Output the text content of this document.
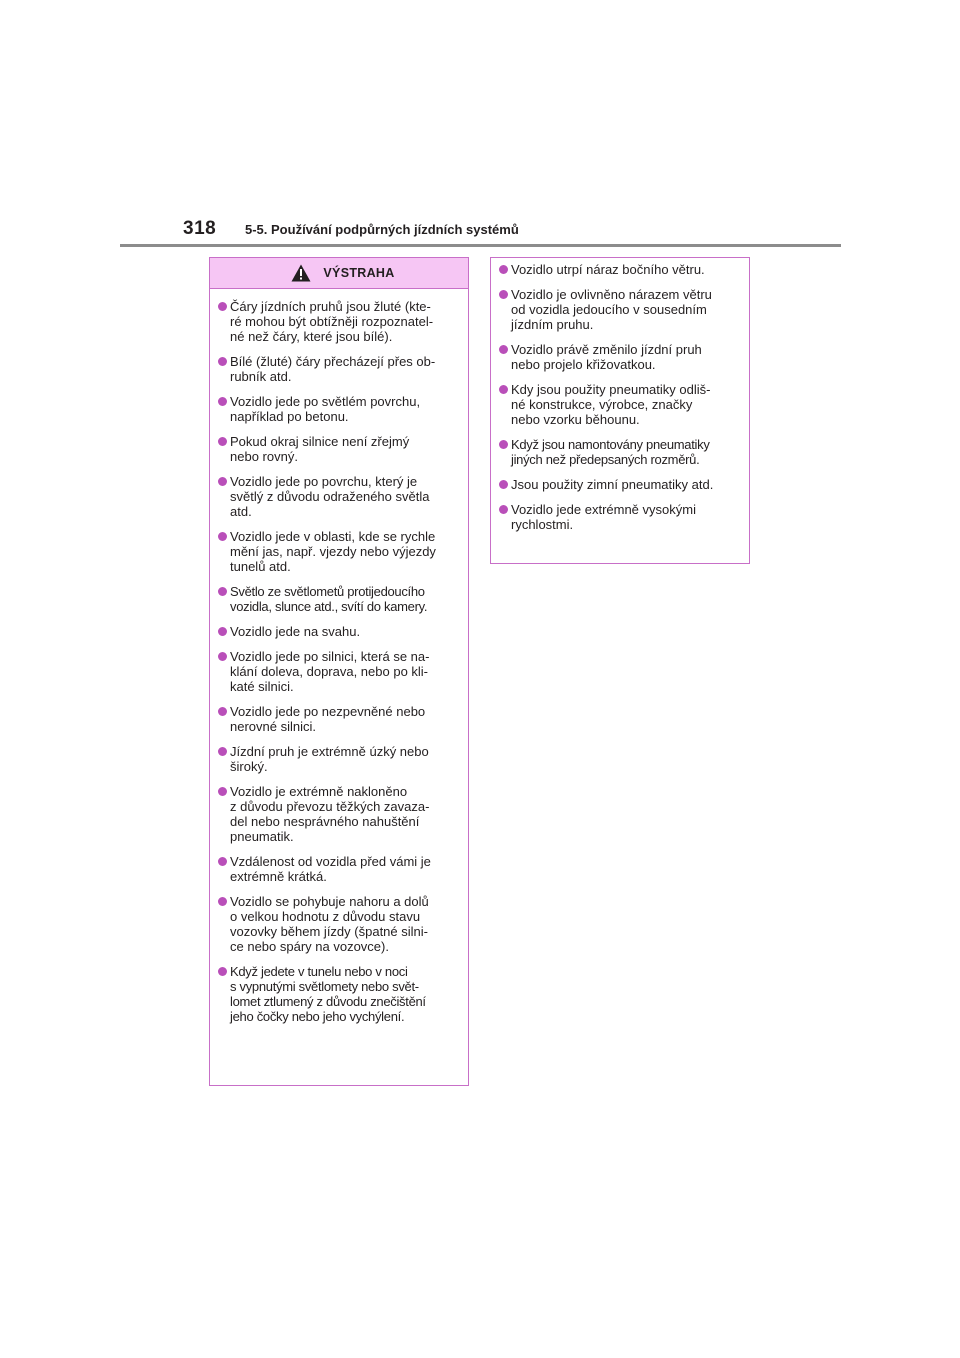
318	5-5. Používání podpůrných jízdních systémů
VÝSTRAHA
Čáry jízdních pruhů jsou žluté (kte-
ré mohou být obtížněji rozpoznatel-
né než čáry, které jsou bílé).
Bílé (žluté) čáry přecházejí přes ob-
rubník atd.
Vozidlo jede po světlém povrchu,
například po betonu.
Pokud okraj silnice není zřejmý
nebo rovný.
Vozidlo jede po povrchu, který je
světlý z důvodu odraženého světla
atd.
Vozidlo jede v oblasti, kde se rychle
mění jas, např. vjezdy nebo výjezdy
tunelů atd.
Světlo ze světlometů protijedoucího
vozidla, slunce atd., svítí do kamery.
Vozidlo jede na svahu.
Vozidlo jede po silnici, která se na-
klání doleva, doprava, nebo po kli-
katé silnici.
Vozidlo jede po nezpevněné nebo
nerovné silnici.
Jízdní pruh je extrémně úzký nebo
široký.
Vozidlo je extrémně nakloněno
z důvodu převozu těžkých zavaza-
del nebo nesprávného nahuštění
pneumatik.
Vzdálenost od vozidla před vámi je
extrémně krátká.
Vozidlo se pohybuje nahoru a dolů
o velkou hodnotu z důvodu stavu
vozovky během jízdy (špatné silni-
ce nebo spáry na vozovce).
Když jedete v tunelu nebo v noci
s vypnutými světlomety nebo svět-
lomet ztlumený z důvodu znečištění
jeho čočky nebo jeho vychýlení.
Vozidlo utrpí náraz bočního větru.
Vozidlo je ovlivněno nárazem větru
od vozidla jedoucího v sousedním
jízdním pruhu.
Vozidlo právě změnilo jízdní pruh
nebo projelo křižovatkou.
Kdy jsou použity pneumatiky odliš-
né konstrukce, výrobce, značky
nebo vzorku běhounu.
Když jsou namontovány pneumatiky
jiných než předepsaných rozměrů.
Jsou použity zimní pneumatiky atd.
Vozidlo jede extrémně vysokými
rychlostmi.
